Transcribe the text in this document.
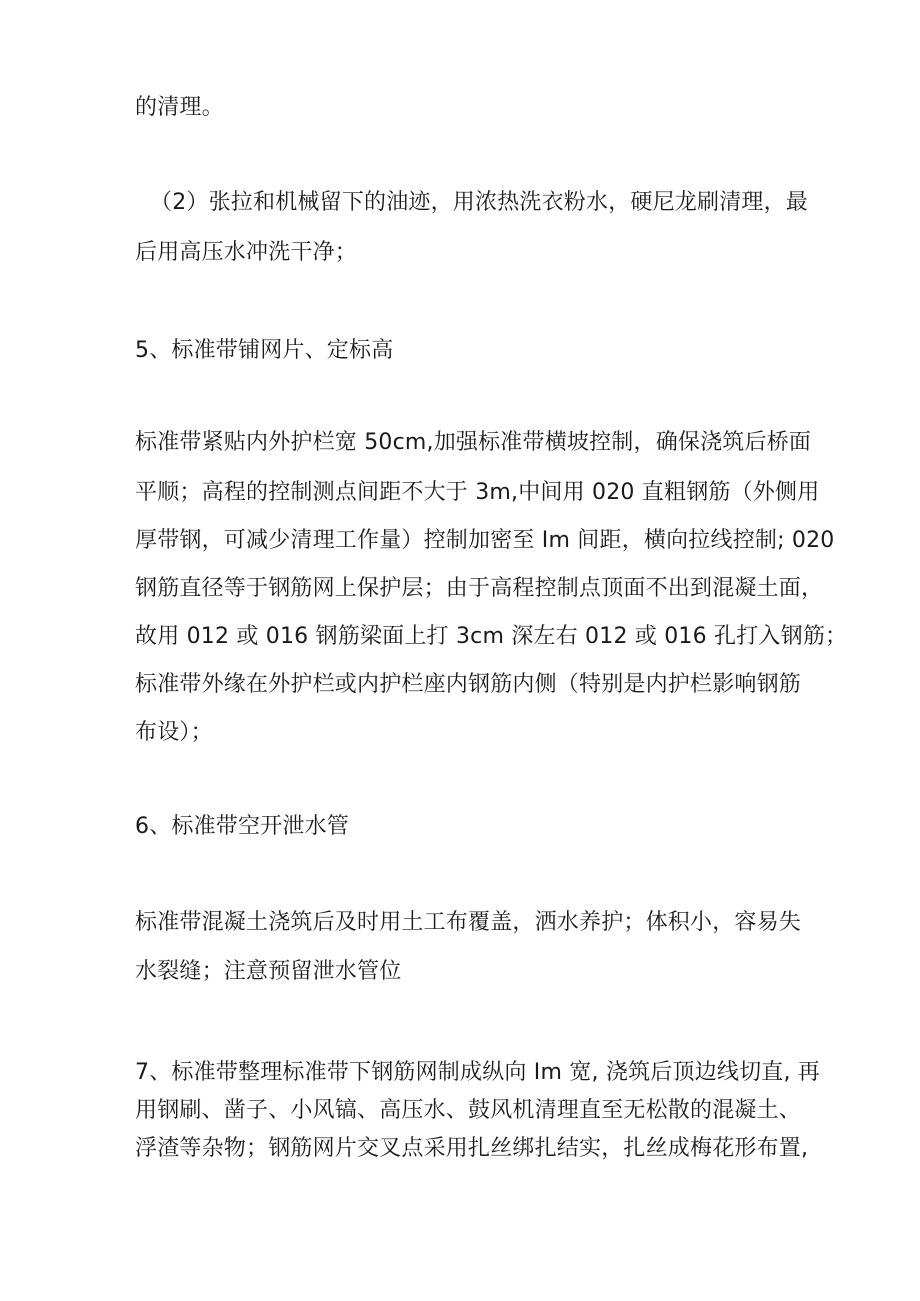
的清理。
（2）张拉和机械留下的油迹，用浓热洗衣粉水，硬尼龙刷清理，最
后用高压水冲洗干净；
5、标准带铺网片、定标高
标准带紧贴内外护栏宽 50cm,加强标准带横坡控制，确保浇筑后桥面
平顺；高程的控制测点间距不大于 3m,中间用 020 直粗钢筋（外侧用
厚带钢，可减少清理工作量）控制加密至 Im 间距，横向拉线控制; 020
钢筋直径等于钢筋网上保护层；由于高程控制点顶面不出到混凝土面，
故用 012 或 016 钢筋梁面上打 3cm 深左右 012 或 016 孔打入钢筋；
标准带外缘在外护栏或内护栏座内钢筋内侧（特别是内护栏影响钢筋
布设）；
6、标准带空开泄水管
标准带混凝土浇筑后及时用土工布覆盖，洒水养护；体积小，容易失
水裂缝；注意预留泄水管位
7、标准带整理标准带下钢筋网制成纵向 Im 宽, 浇筑后顶边线切直, 再
用钢刷、凿子、小风镐、高压水、鼓风机清理直至无松散的混凝土、
浮渣等杂物；钢筋网片交叉点采用扎丝绑扎结实，扎丝成梅花形布置,
